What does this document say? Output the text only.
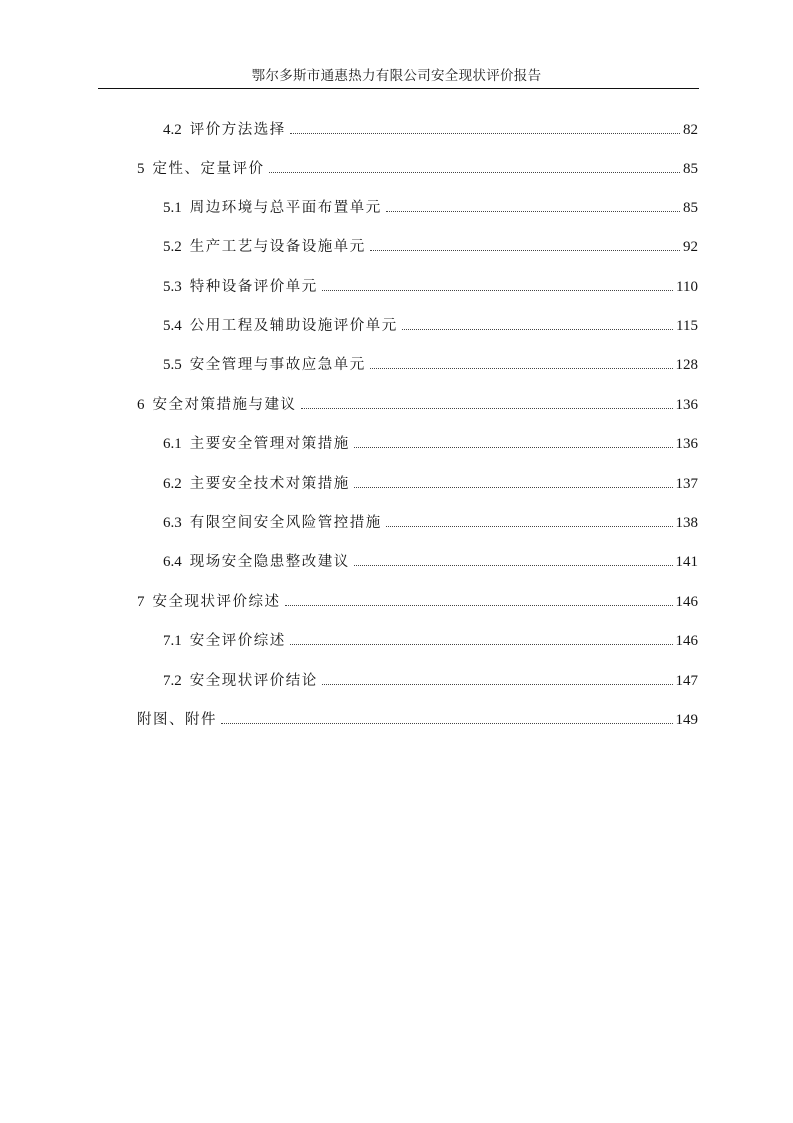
鄂尔多斯市通惠热力有限公司安全现状评价报告
4.2 评价方法选择	82
5 定性、定量评价	85
5.1 周边环境与总平面布置单元	85
5.2 生产工艺与设备设施单元	92
5.3 特种设备评价单元	110
5.4 公用工程及辅助设施评价单元	115
5.5 安全管理与事故应急单元	128
6 安全对策措施与建议	136
6.1 主要安全管理对策措施	136
6.2 主要安全技术对策措施	137
6.3 有限空间安全风险管控措施	138
6.4 现场安全隐患整改建议	141
7 安全现状评价综述	146
7.1 安全评价综述	146
7.2 安全现状评价结论	147
附图、附件	149
